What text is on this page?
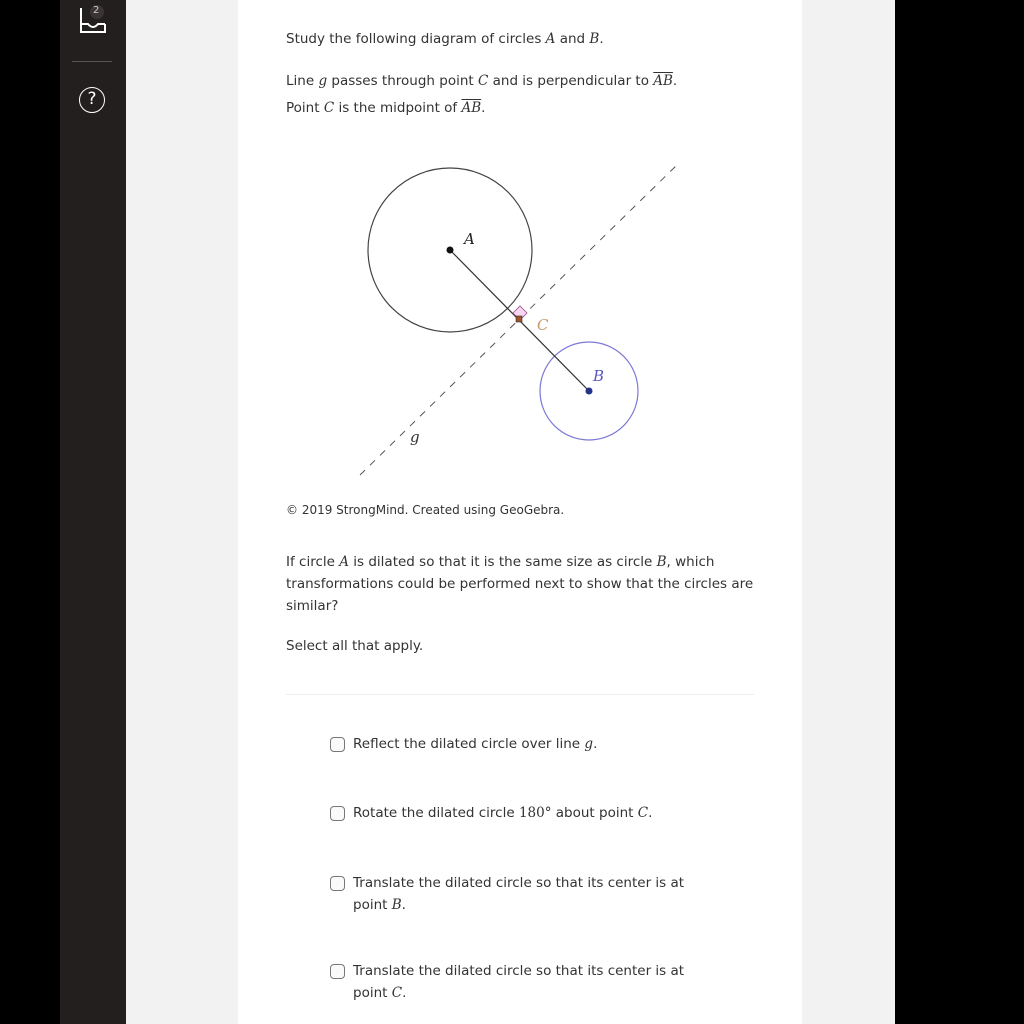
2
?

Study the following diagram of circles A and B.

Line g passes through point C and is perpendicular to $\overline{AB}$.

Point C is the midpoint of $\overline{AB}$.

A
B
C
g

© 2019 StrongMind. Created using GeoGebra.

If circle A is dilated so that it is the same size as circle B, which transformations could be performed next to show that the circles are similar?

Select all that apply.

Reflect the dilated circle over line g.
Rotate the dilated circle 180° about point C.
Translate the dilated circle so that its center is at point B.
Translate the dilated circle so that its center is at point C.
